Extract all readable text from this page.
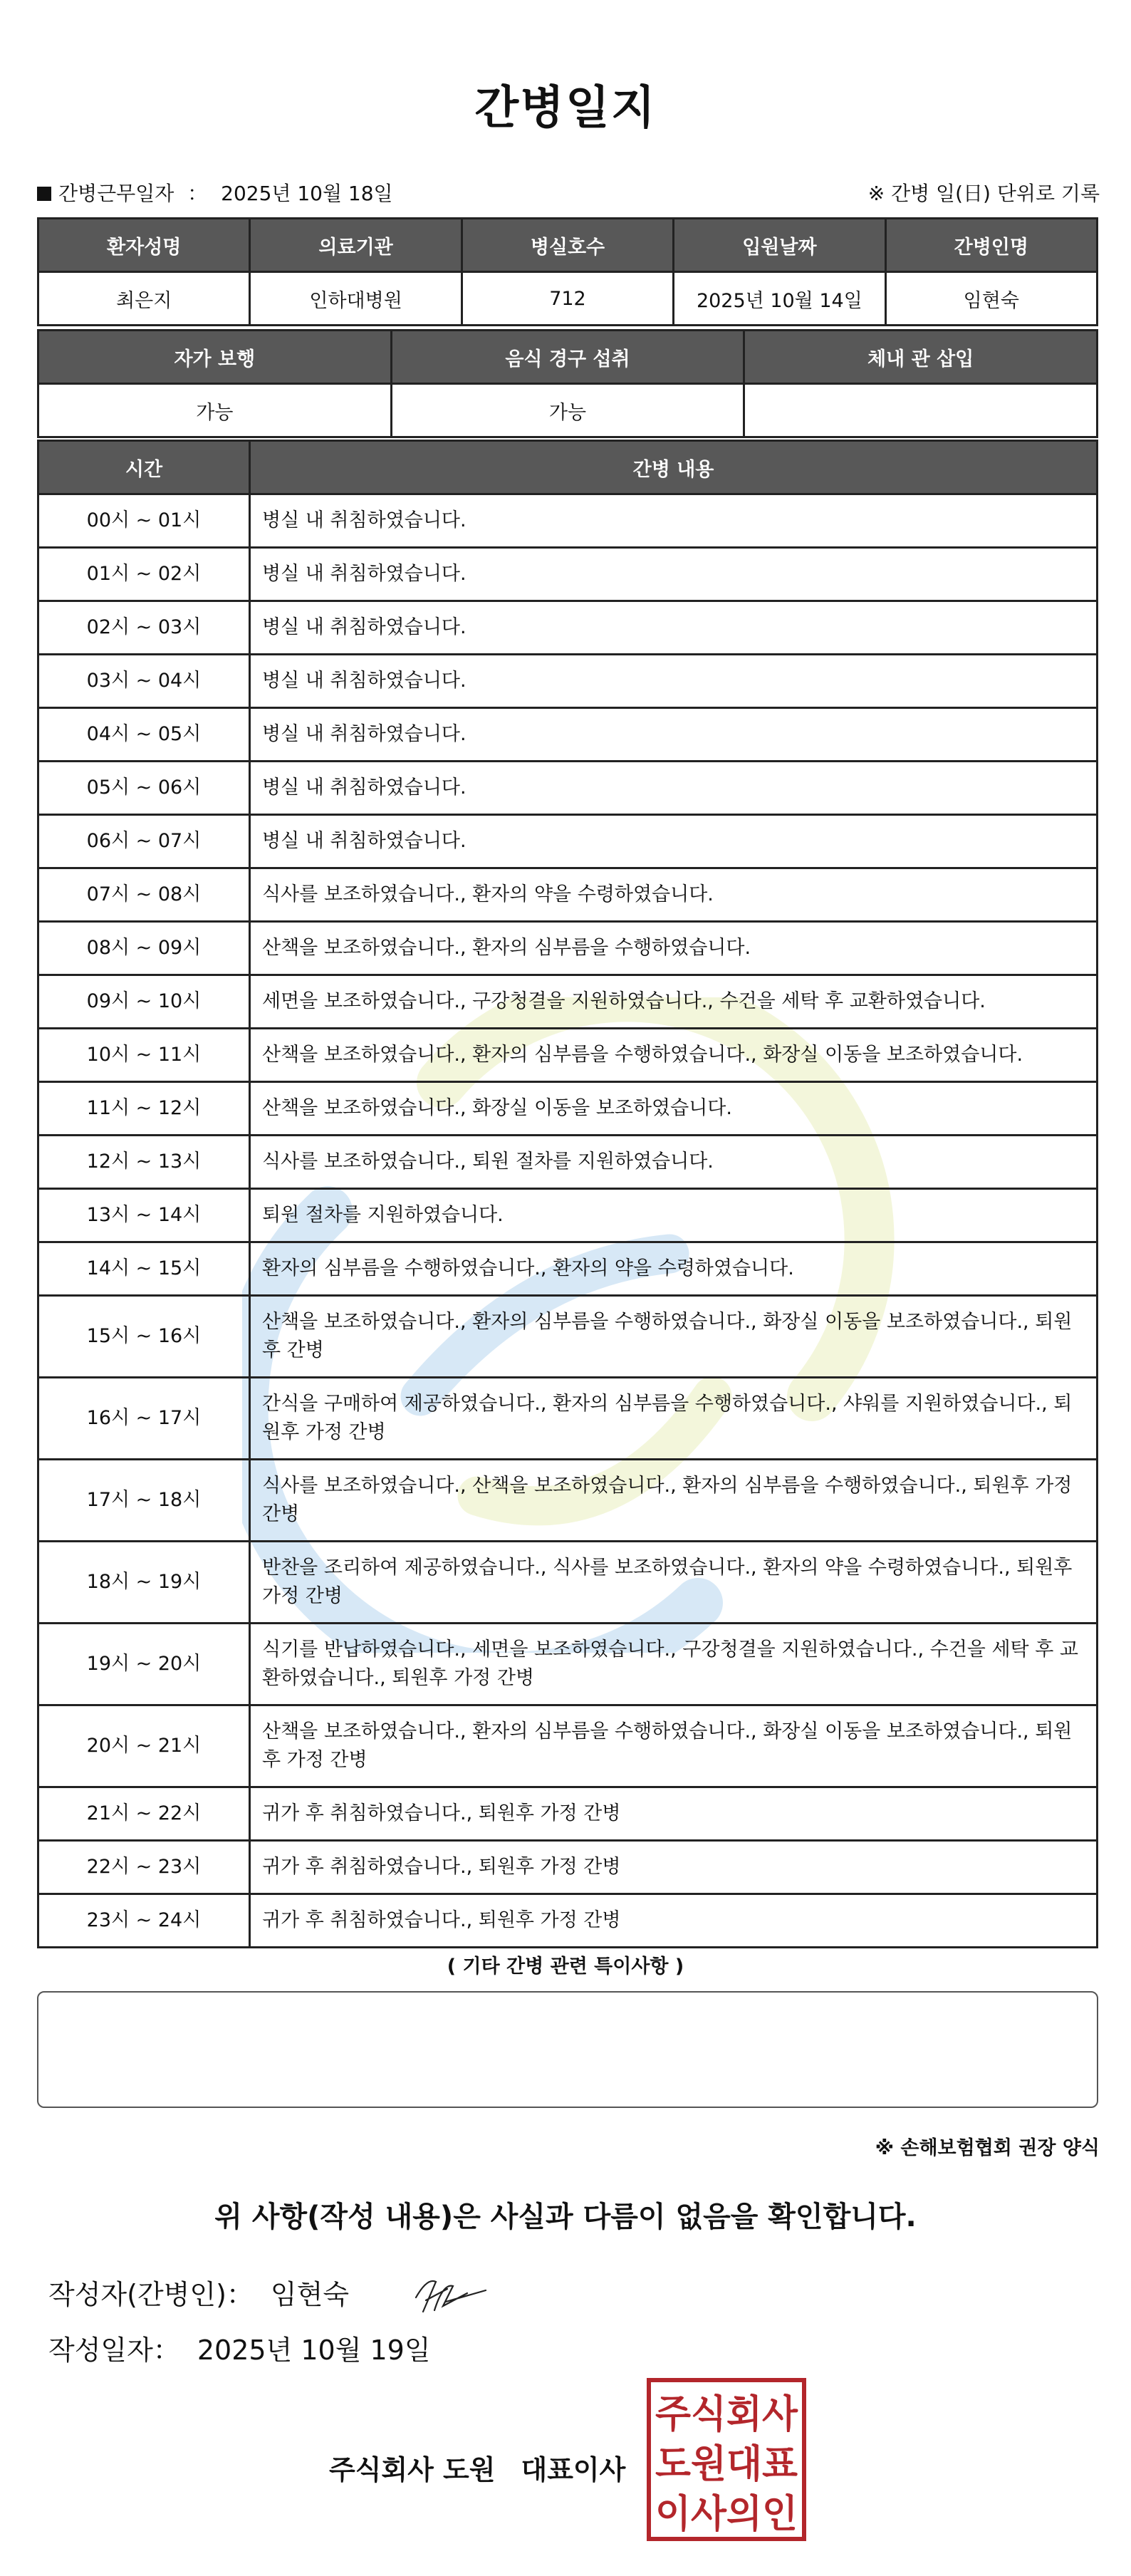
간병일지
간병근무일자 ： 2025년 10월 18일	※ 간병 일(日) 단위로 기록
환자성명	의료기관	병실호수	입원날짜	간병인명
최은지	인하대병원	712	2025년 10월 14일	임현숙
자가 보행	음식 경구 섭취	체내 관 삽입
가능	가능	
시간	간병 내용
00시 ~ 01시	병실 내 취침하였습니다.
01시 ~ 02시	병실 내 취침하였습니다.
02시 ~ 03시	병실 내 취침하였습니다.
03시 ~ 04시	병실 내 취침하였습니다.
04시 ~ 05시	병실 내 취침하였습니다.
05시 ~ 06시	병실 내 취침하였습니다.
06시 ~ 07시	병실 내 취침하였습니다.
07시 ~ 08시	식사를 보조하였습니다., 환자의 약을 수령하였습니다.
08시 ~ 09시	산책을 보조하였습니다., 환자의 심부름을 수행하였습니다.
09시 ~ 10시	세면을 보조하였습니다., 구강청결을 지원하였습니다., 수건을 세탁 후 교환하였습니다.
10시 ~ 11시	산책을 보조하였습니다., 환자의 심부름을 수행하였습니다., 화장실 이동을 보조하였습니다.
11시 ~ 12시	산책을 보조하였습니다., 화장실 이동을 보조하였습니다.
12시 ~ 13시	식사를 보조하였습니다., 퇴원 절차를 지원하였습니다.
13시 ~ 14시	퇴원 절차를 지원하였습니다.
14시 ~ 15시	환자의 심부름을 수행하였습니다., 환자의 약을 수령하였습니다.
15시 ~ 16시	산책을 보조하였습니다., 환자의 심부름을 수행하였습니다., 화장실 이동을 보조하였습니다., 퇴원후 간병
16시 ~ 17시	간식을 구매하여 제공하였습니다., 환자의 심부름을 수행하였습니다., 샤워를 지원하였습니다., 퇴원후 가정 간병
17시 ~ 18시	식사를 보조하였습니다., 산책을 보조하였습니다., 환자의 심부름을 수행하였습니다., 퇴원후 가정 간병
18시 ~ 19시	반찬을 조리하여 제공하였습니다., 식사를 보조하였습니다., 환자의 약을 수령하였습니다., 퇴원후 가정 간병
19시 ~ 20시	식기를 반납하였습니다., 세면을 보조하였습니다., 구강청결을 지원하였습니다., 수건을 세탁 후 교환하였습니다., 퇴원후 가정 간병
20시 ~ 21시	산책을 보조하였습니다., 환자의 심부름을 수행하였습니다., 화장실 이동을 보조하였습니다., 퇴원후 가정 간병
21시 ~ 22시	귀가 후 취침하였습니다., 퇴원후 가정 간병
22시 ~ 23시	귀가 후 취침하였습니다., 퇴원후 가정 간병
23시 ~ 24시	귀가 후 취침하였습니다., 퇴원후 가정 간병
( 기타 간병 관련 특이사항 )
※ 손해보험협회 권장 양식
위 사항(작성 내용)은 사실과 다름이 없음을 확인합니다.
작성자(간병인)： 임현숙
작성일자： 2025년 10월 19일
주식회사 도원 대표이사
주식회사
도원대표
이사의인
